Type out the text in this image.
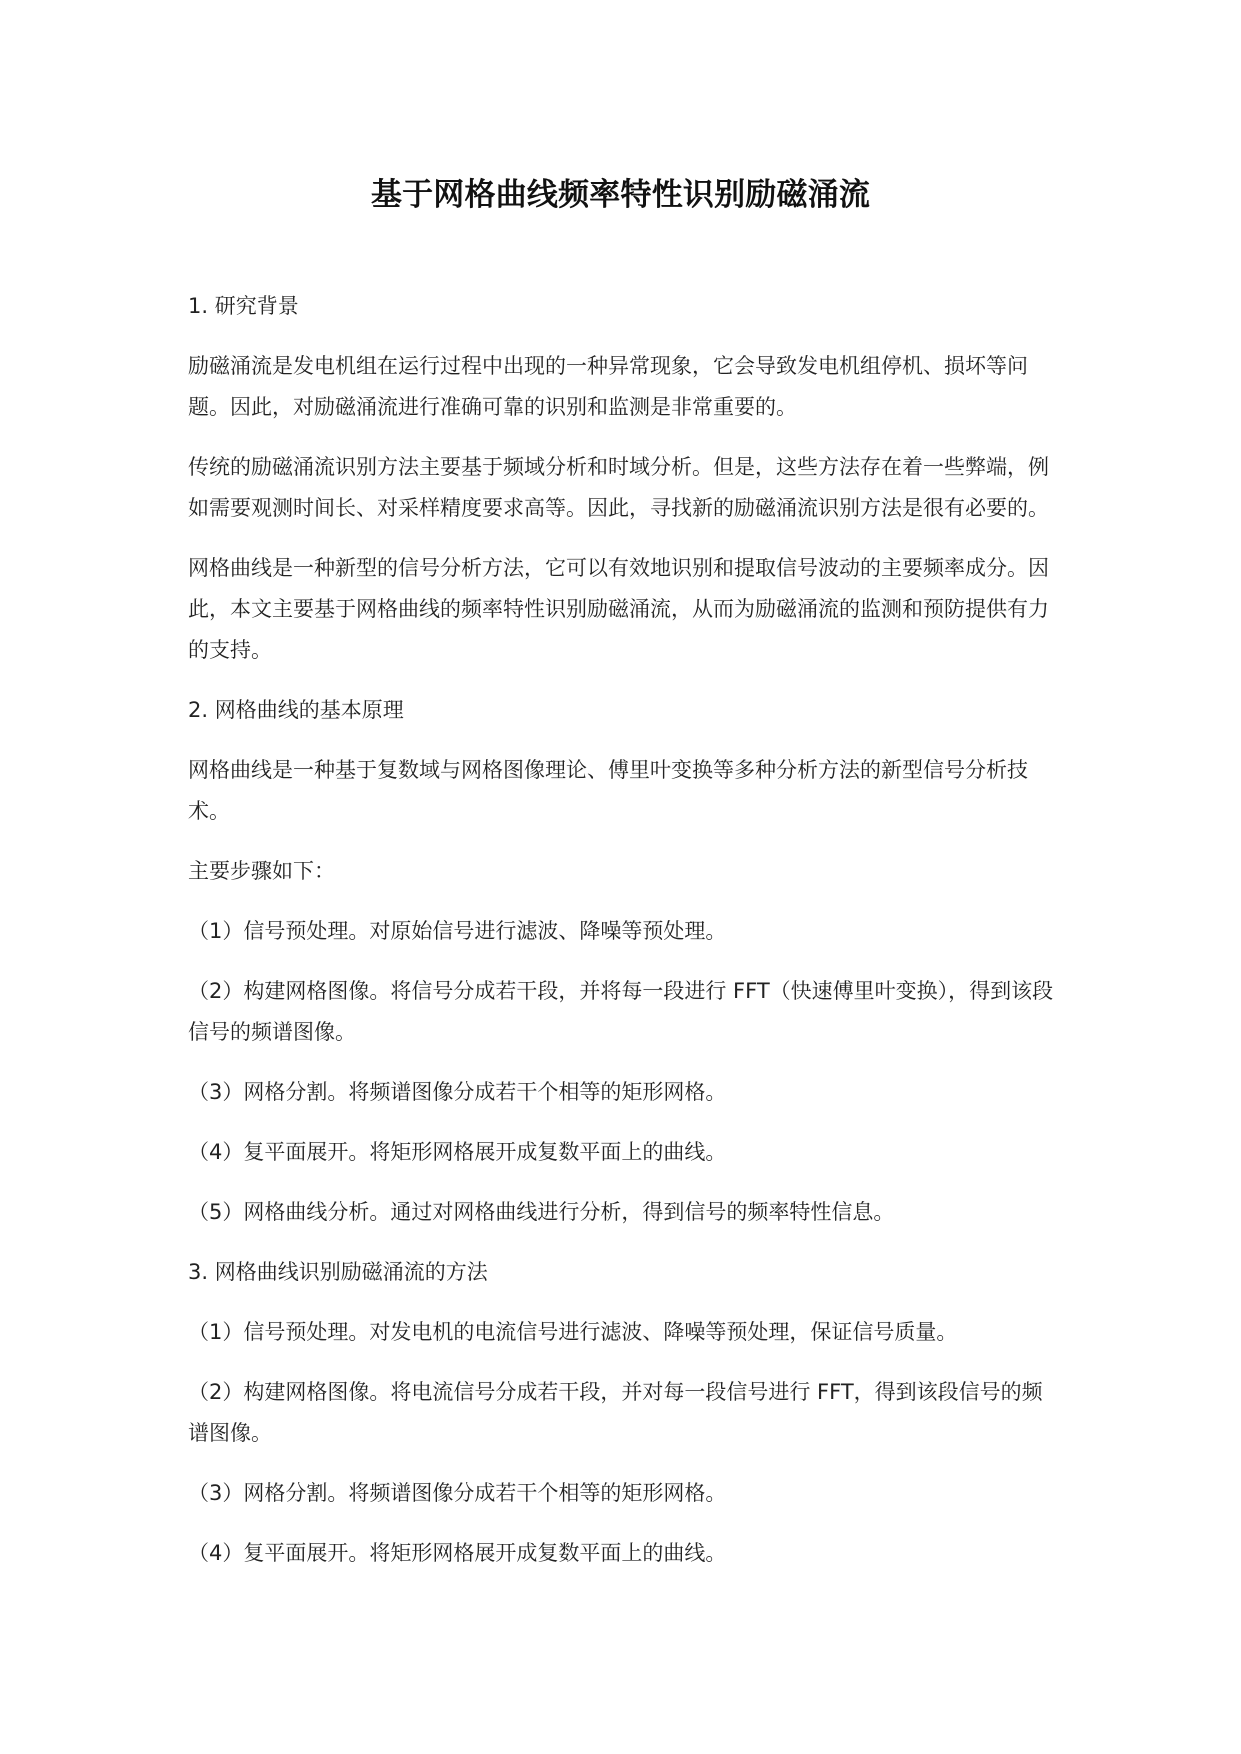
基于网格曲线频率特性识别励磁涌流
1. 研究背景

励磁涌流是发电机组在运行过程中出现的一种异常现象，它会导致发电机组停机、损坏等问题。因此，对励磁涌流进行准确可靠的识别和监测是非常重要的。

传统的励磁涌流识别方法主要基于频域分析和时域分析。但是，这些方法存在着一些弊端，例如需要观测时间长、对采样精度要求高等。因此，寻找新的励磁涌流识别方法是很有必要的。

网格曲线是一种新型的信号分析方法，它可以有效地识别和提取信号波动的主要频率成分。因此，本文主要基于网格曲线的频率特性识别励磁涌流，从而为励磁涌流的监测和预防提供有力的支持。

2. 网格曲线的基本原理

网格曲线是一种基于复数域与网格图像理论、傅里叶变换等多种分析方法的新型信号分析技术。

主要步骤如下：

（1）信号预处理。对原始信号进行滤波、降噪等预处理。

（2）构建网格图像。将信号分成若干段，并将每一段进行 FFT（快速傅里叶变换），得到该段信号的频谱图像。

（3）网格分割。将频谱图像分成若干个相等的矩形网格。

（4）复平面展开。将矩形网格展开成复数平面上的曲线。

（5）网格曲线分析。通过对网格曲线进行分析，得到信号的频率特性信息。

3. 网格曲线识别励磁涌流的方法

（1）信号预处理。对发电机的电流信号进行滤波、降噪等预处理，保证信号质量。

（2）构建网格图像。将电流信号分成若干段，并对每一段信号进行 FFT，得到该段信号的频谱图像。

（3）网格分割。将频谱图像分成若干个相等的矩形网格。

（4）复平面展开。将矩形网格展开成复数平面上的曲线。
